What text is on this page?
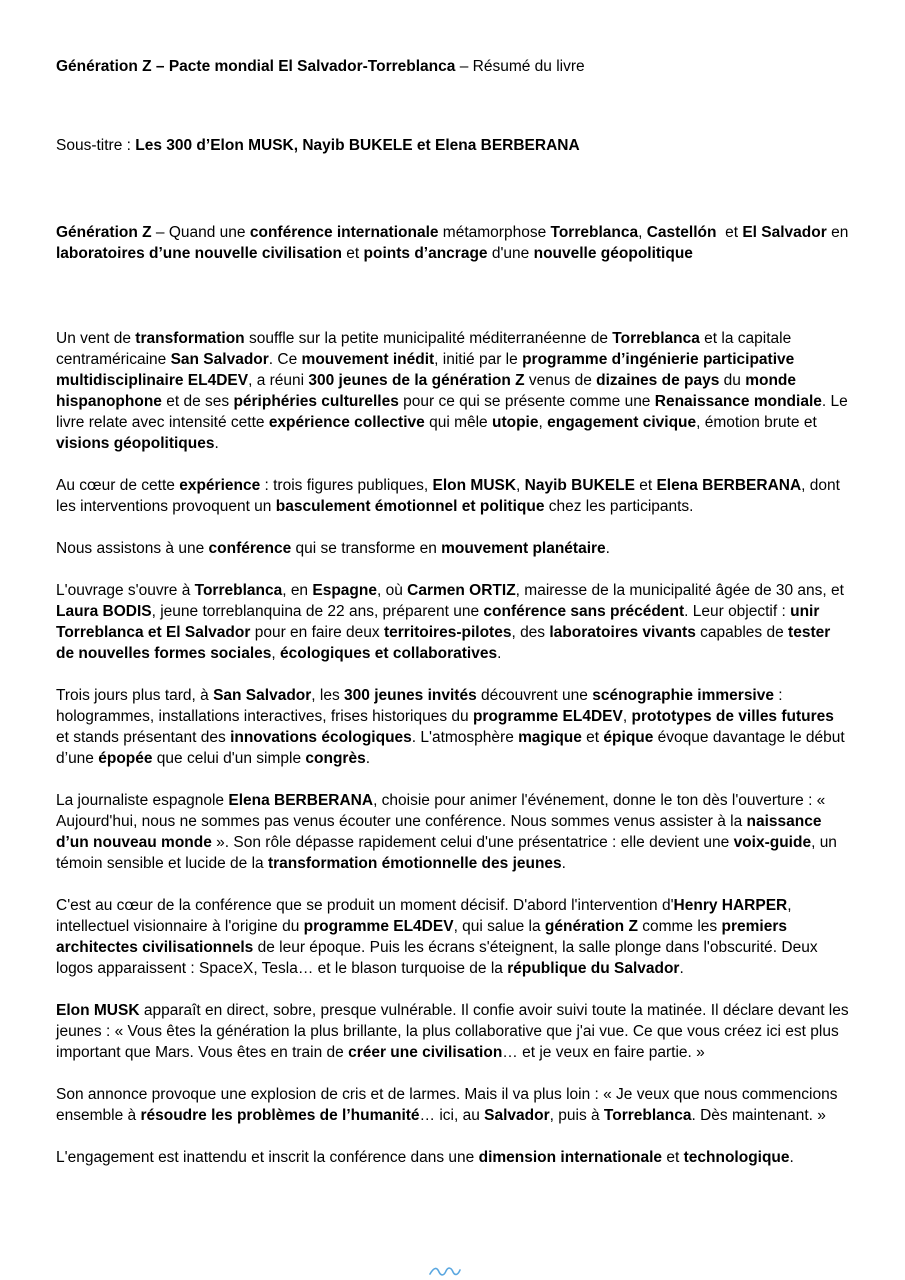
Génération Z – Pacte mondial El Salvador-Torreblanca – Résumé du livre

Sous-titre : Les 300 d’Elon MUSK, Nayib BUKELE et Elena BERBERANA

Génération Z – Quand une conférence internationale métamorphose Torreblanca, Castellón  et El Salvador en laboratoires d’une nouvelle civilisation et points d’ancrage d'une nouvelle géopolitique

Un vent de transformation souffle sur la petite municipalité méditerranéenne de Torreblanca et la capitale centraméricaine San Salvador. Ce mouvement inédit, initié par le programme d’ingénierie participative multidisciplinaire EL4DEV, a réuni 300 jeunes de la génération Z venus de dizaines de pays du monde hispanophone et de ses périphéries culturelles pour ce qui se présente comme une Renaissance mondiale. Le livre relate avec intensité cette expérience collective qui mêle utopie, engagement civique, émotion brute et visions géopolitiques.

Au cœur de cette expérience : trois figures publiques, Elon MUSK, Nayib BUKELE et Elena BERBERANA, dont les interventions provoquent un basculement émotionnel et politique chez les participants.

Nous assistons à une conférence qui se transforme en mouvement planétaire.

L'ouvrage s'ouvre à Torreblanca, en Espagne, où Carmen ORTIZ, mairesse de la municipalité âgée de 30 ans, et Laura BODIS, jeune torreblanquina de 22 ans, préparent une conférence sans précédent. Leur objectif : unir Torreblanca et El Salvador pour en faire deux territoires-pilotes, des laboratoires vivants capables de tester de nouvelles formes sociales, écologiques et collaboratives.

Trois jours plus tard, à San Salvador, les 300 jeunes invités découvrent une scénographie immersive : hologrammes, installations interactives, frises historiques du programme EL4DEV, prototypes de villes futures et stands présentant des innovations écologiques. L'atmosphère magique et épique évoque davantage le début d’une épopée que celui d'un simple congrès.

La journaliste espagnole Elena BERBERANA, choisie pour animer l'événement, donne le ton dès l'ouverture : « Aujourd'hui, nous ne sommes pas venus écouter une conférence. Nous sommes venus assister à la naissance d’un nouveau monde ». Son rôle dépasse rapidement celui d'une présentatrice : elle devient une voix-guide, un témoin sensible et lucide de la transformation émotionnelle des jeunes.

C'est au cœur de la conférence que se produit un moment décisif. D'abord l'intervention d'Henry HARPER, intellectuel visionnaire à l'origine du programme EL4DEV, qui salue la génération Z comme les premiers architectes civilisationnels de leur époque. Puis les écrans s'éteignent, la salle plonge dans l'obscurité. Deux logos apparaissent : SpaceX, Tesla… et le blason turquoise de la république du Salvador.

Elon MUSK apparaît en direct, sobre, presque vulnérable. Il confie avoir suivi toute la matinée. Il déclare devant les jeunes : « Vous êtes la génération la plus brillante, la plus collaborative que j'ai vue. Ce que vous créez ici est plus important que Mars. Vous êtes en train de créer une civilisation… et je veux en faire partie. »

Son annonce provoque une explosion de cris et de larmes. Mais il va plus loin : « Je veux que nous commencions ensemble à résoudre les problèmes de l’humanité… ici, au Salvador, puis à Torreblanca. Dès maintenant. »

L'engagement est inattendu et inscrit la conférence dans une dimension internationale et technologique.
